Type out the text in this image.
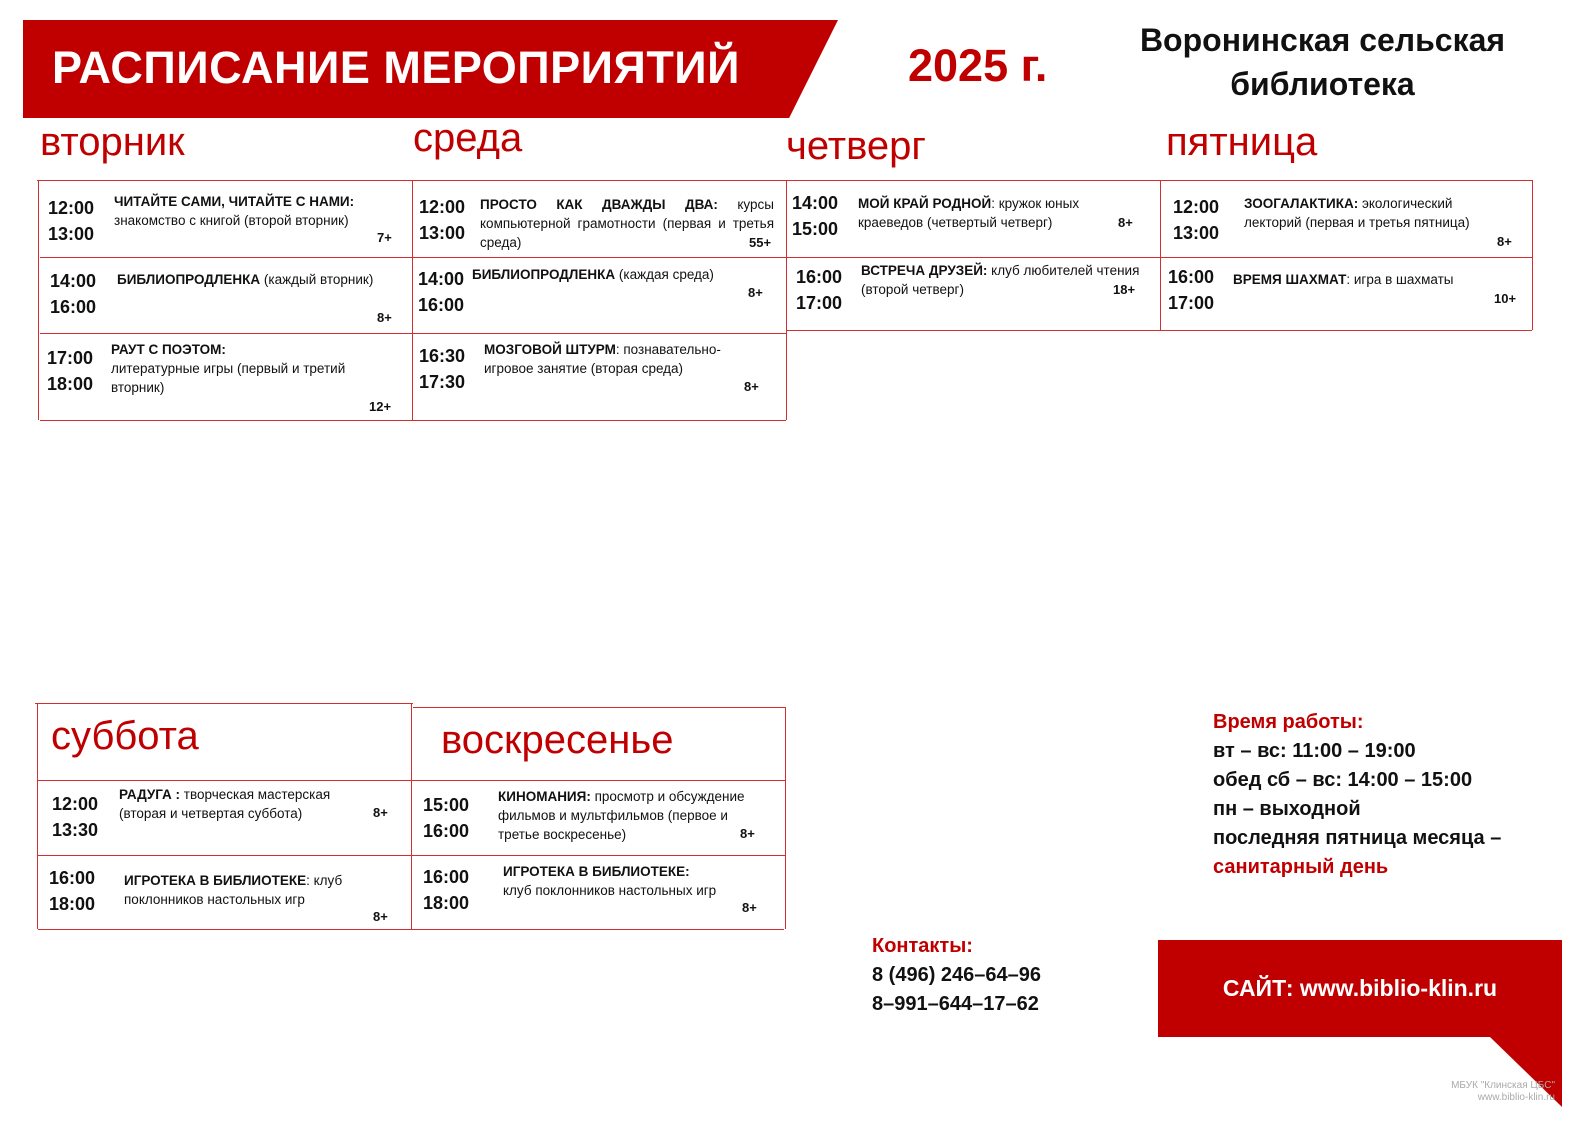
РАСПИСАНИЕ МЕРОПРИЯТИЙ	2025 г.	Воронинская сельская
библиотека
вторник	среда	четверг	пятница
12:00
13:00
ЧИТАЙТЕ САМИ, ЧИТАЙТЕ С НАМИ:
знакомство с книгой (второй вторник)
7+
14:00
16:00
БИБЛИОПРОДЛЕНКА (каждый вторник)
8+
17:00
18:00
РАУТ С ПОЭТОМ:
литературные игры (первый и третий вторник)
12+
12:00
13:00
ПРОСТО КАК ДВАЖДЫ ДВА: курсы компьютерной грамотности (первая и третья среда)	55+
14:00
16:00
БИБЛИОПРОДЛЕНКА (каждая среда)
8+
16:30
17:30
МОЗГОВОЙ ШТУРМ: познавательно-игровое занятие (вторая среда)
8+
14:00
15:00
МОЙ КРАЙ РОДНОЙ: кружок юных краеведов (четвертый четверг)	8+
16:00
17:00
ВСТРЕЧА ДРУЗЕЙ: клуб любителей чтения (второй четверг)	18+
12:00
13:00
ЗООГАЛАКТИКА: экологический лекторий (первая и третья пятница)
8+
16:00
17:00
ВРЕМЯ ШАХМАТ: игра в шахматы
10+
суббота	воскресенье
12:00
13:30
РАДУГА : творческая мастерская (вторая и четвертая суббота)	8+
16:00
18:00
ИГРОТЕКА В БИБЛИОТЕКЕ: клуб поклонников настольных игр
8+
15:00
16:00
КИНОМАНИЯ: просмотр и обсуждение фильмов и мультфильмов (первое и третье воскресенье)	8+
16:00
18:00
ИГРОТЕКА В БИБЛИОТЕКЕ:
клуб поклонников настольных игр
8+
Время работы:
вт – вс: 11:00 – 19:00
обед сб – вс: 14:00 – 15:00
пн – выходной
последняя пятница месяца –
санитарный день
Контакты:
8 (496) 246–64–96
8–991–644–17–62
САЙТ: www.biblio-klin.ru
МБУК "Клинская ЦБС"
www.biblio-klin.ru
